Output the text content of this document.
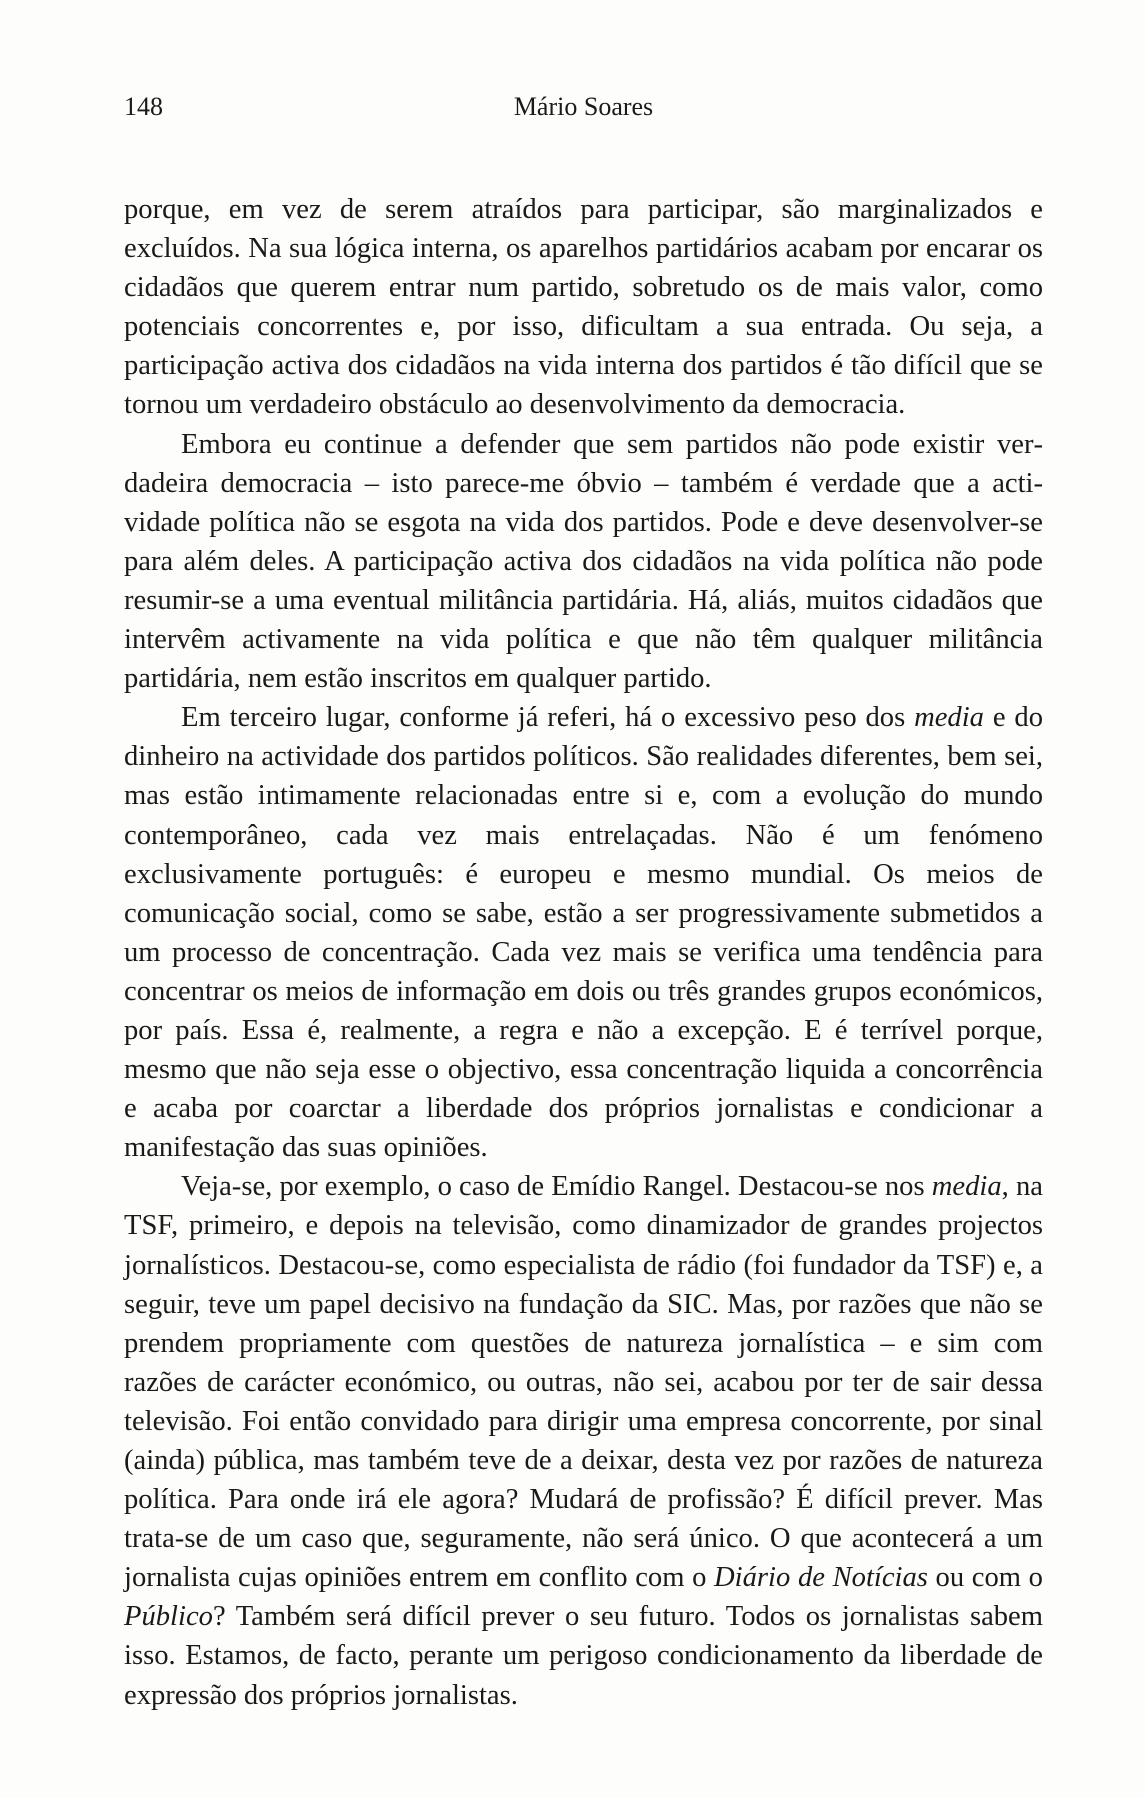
148	Mário Soares

porque, em vez de serem atraídos para participar, são marginalizados e excluídos. Na sua lógica interna, os aparelhos partidários acabam por encarar os cidadãos que querem entrar num partido, sobretudo os de mais valor, como potenciais concorrentes e, por isso, dificultam a sua entrada. Ou seja, a participação activa dos cidadãos na vida interna dos partidos é tão difícil que se tornou um verdadeiro obstáculo ao desenvolvimento da democracia.

Embora eu continue a defender que sem partidos não pode existir verdadeira democracia – isto parece-me óbvio – também é verdade que a actividade política não se esgota na vida dos partidos. Pode e deve desenvolver-se para além deles. A participação activa dos cidadãos na vida política não pode resumir-se a uma eventual militância partidária. Há, aliás, muitos cidadãos que intervêm activamente na vida política e que não têm qualquer militância partidária, nem estão inscritos em qualquer partido.

Em terceiro lugar, conforme já referi, há o excessivo peso dos media e do dinheiro na actividade dos partidos políticos. São realidades diferentes, bem sei, mas estão intimamente relacionadas entre si e, com a evolução do mundo contemporâneo, cada vez mais entrelaçadas. Não é um fenómeno exclusivamente português: é europeu e mesmo mundial. Os meios de comunicação social, como se sabe, estão a ser progressivamente submetidos a um processo de concentração. Cada vez mais se verifica uma tendência para concentrar os meios de informação em dois ou três grandes grupos económicos, por país. Essa é, realmente, a regra e não a excepção. E é terrível porque, mesmo que não seja esse o objectivo, essa concentração liquida a concorrência e acaba por coarctar a liberdade dos próprios jornalistas e condicionar a manifestação das suas opiniões.

Veja-se, por exemplo, o caso de Emídio Rangel. Destacou-se nos media, na TSF, primeiro, e depois na televisão, como dinamizador de grandes projectos jornalísticos. Destacou-se, como especialista de rádio (foi fundador da TSF) e, a seguir, teve um papel decisivo na fundação da SIC. Mas, por razões que não se prendem propriamente com questões de natureza jornalística – e sim com razões de carácter económico, ou outras, não sei, acabou por ter de sair dessa televisão. Foi então convidado para dirigir uma empresa concorrente, por sinal (ainda) pública, mas também teve de a deixar, desta vez por razões de natureza política. Para onde irá ele agora? Mudará de profissão? É difícil prever. Mas trata-se de um caso que, seguramente, não será único. O que acontecerá a um jornalista cujas opiniões entrem em conflito com o Diário de Notícias ou com o Público? Também será difícil prever o seu futuro. Todos os jornalistas sabem isso. Estamos, de facto, perante um perigoso condicionamento da liberdade de expressão dos próprios jornalistas.
